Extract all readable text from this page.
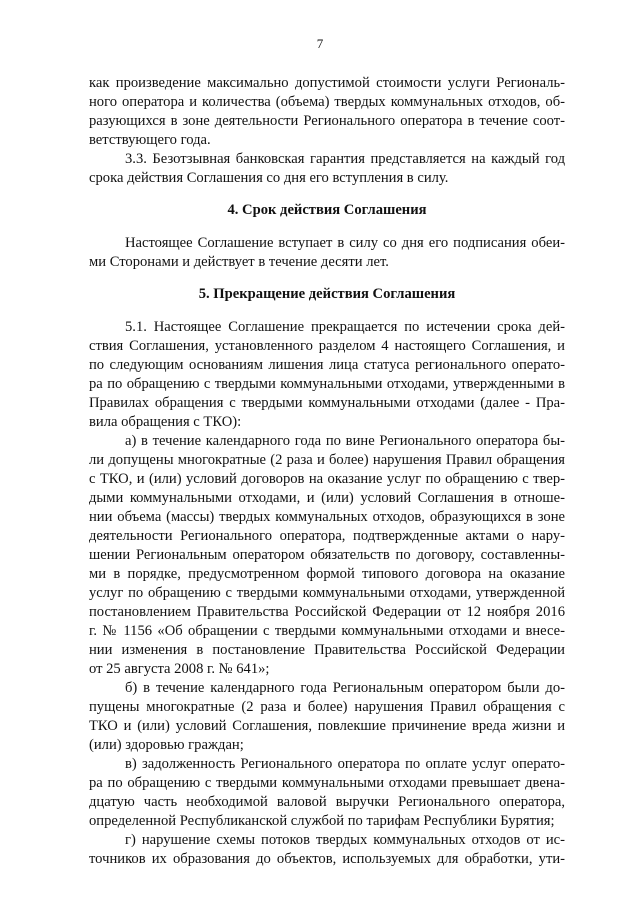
7
как произведение максимально допустимой стоимости услуги Региональ-
ного оператора и количества (объема) твердых коммунальных отходов, об-
разующихся в зоне деятельности Регионального оператора в течение соот-
ветствующего года.
3.3. Безотзывная банковская гарантия представляется на каждый год
срока действия Соглашения со дня его вступления в силу.
4. Срок действия Соглашения
Настоящее Соглашение вступает в силу со дня его подписания обеи-
ми Сторонами и действует в течение десяти лет.
5. Прекращение действия Соглашения
5.1. Настоящее Соглашение прекращается по истечении срока дей-
ствия Соглашения, установленного разделом 4 настоящего Соглашения, и
по следующим основаниям лишения лица статуса регионального операто-
ра по обращению с твердыми коммунальными отходами, утвержденными в
Правилах обращения с твердыми коммунальными отходами (далее - Пра-
вила обращения с ТКО):
а) в течение календарного года по вине Регионального оператора бы-
ли допущены многократные (2 раза и более) нарушения Правил обращения
с ТКО, и (или) условий договоров на оказание услуг по обращению с твер-
дыми коммунальными отходами, и (или) условий Соглашения в отноше-
нии объема (массы) твердых коммунальных отходов, образующихся в зоне
деятельности Регионального оператора, подтвержденные актами о нару-
шении Региональным оператором обязательств по договору, составленны-
ми в порядке, предусмотренном формой типового договора на оказание
услуг по обращению с твердыми коммунальными отходами, утвержденной
постановлением Правительства Российской Федерации от 12 ноября 2016
г. № 1156 «Об обращении с твердыми коммунальными отходами и внесе-
нии изменения в постановление Правительства Российской Федерации
от 25 августа 2008 г. № 641»;
б) в течение календарного года Региональным оператором были до-
пущены многократные (2 раза и более) нарушения Правил обращения с
ТКО и (или) условий Соглашения, повлекшие причинение вреда жизни и
(или) здоровью граждан;
в) задолженность Регионального оператора по оплате услуг операто-
ра по обращению с твердыми коммунальными отходами превышает двена-
дцатую часть необходимой валовой выручки Регионального оператора,
определенной Республиканской службой по тарифам Республики Бурятия;
г) нарушение схемы потоков твердых коммунальных отходов от ис-
точников их образования до объектов, используемых для обработки, ути-
